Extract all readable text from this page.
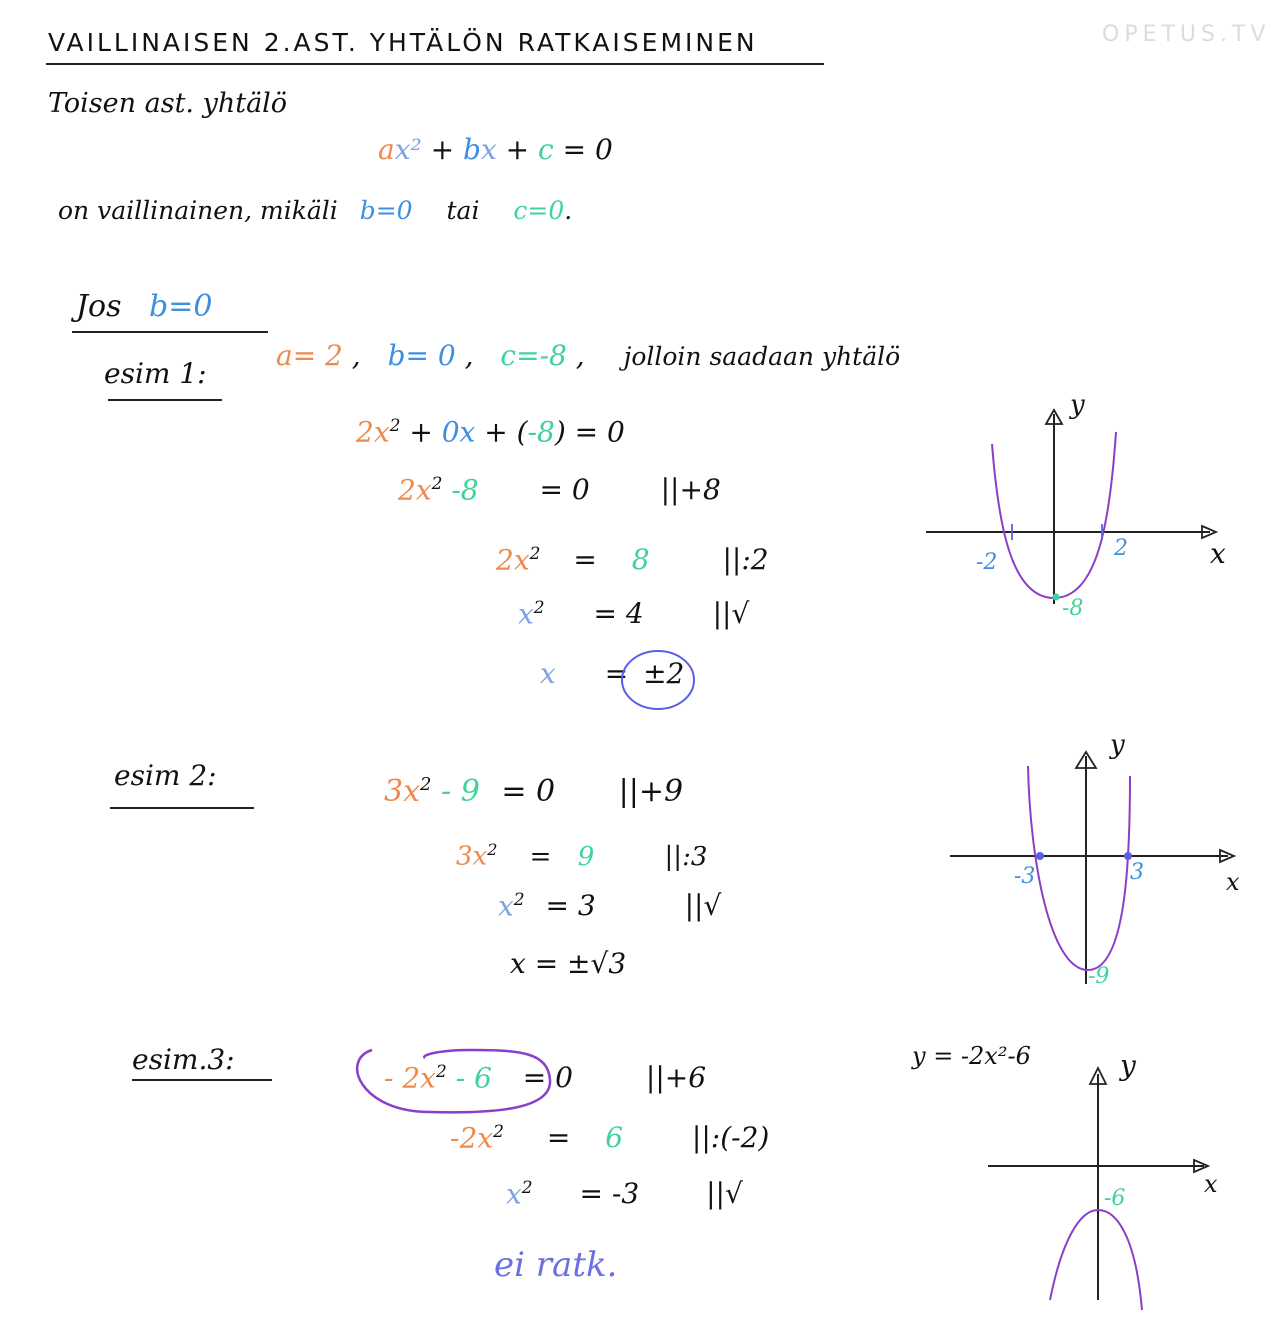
VAILLINAISEN 2.AST. YHTÄLÖN RATKAISEMINEN	OPETUS.TV
Toisen ast. yhtälö
ax² + bx + c = 0
on vaillinainen, mikäli b=0 tai c=0.
Jos b=0
esim 1:
a= 2 , b= 0 , c=-8 , jolloin saadaan yhtälö
$2x^2 + 0x + (-8) = 0$
$2x^2$ -8 = 0	||+8
$2x^2 = 8$	||:2
$x^2 = 4$ ||√
x = ±2
esim 2:	$3x^2 - 9 = 0$ ||+9
$3x^2 = 9$	||:3
$x^2 = 3$	||√
x = ±√3
esim.3:
- $2x^2 - 6 = 0$	||+6
$-2x^2 = 6$ ||:(-2)
$x^2 = -3$ ||√
ei ratk.
y = -2x²-6
y
x
-2
2
-8
y
x
-3	3
-9
y
x
-6
